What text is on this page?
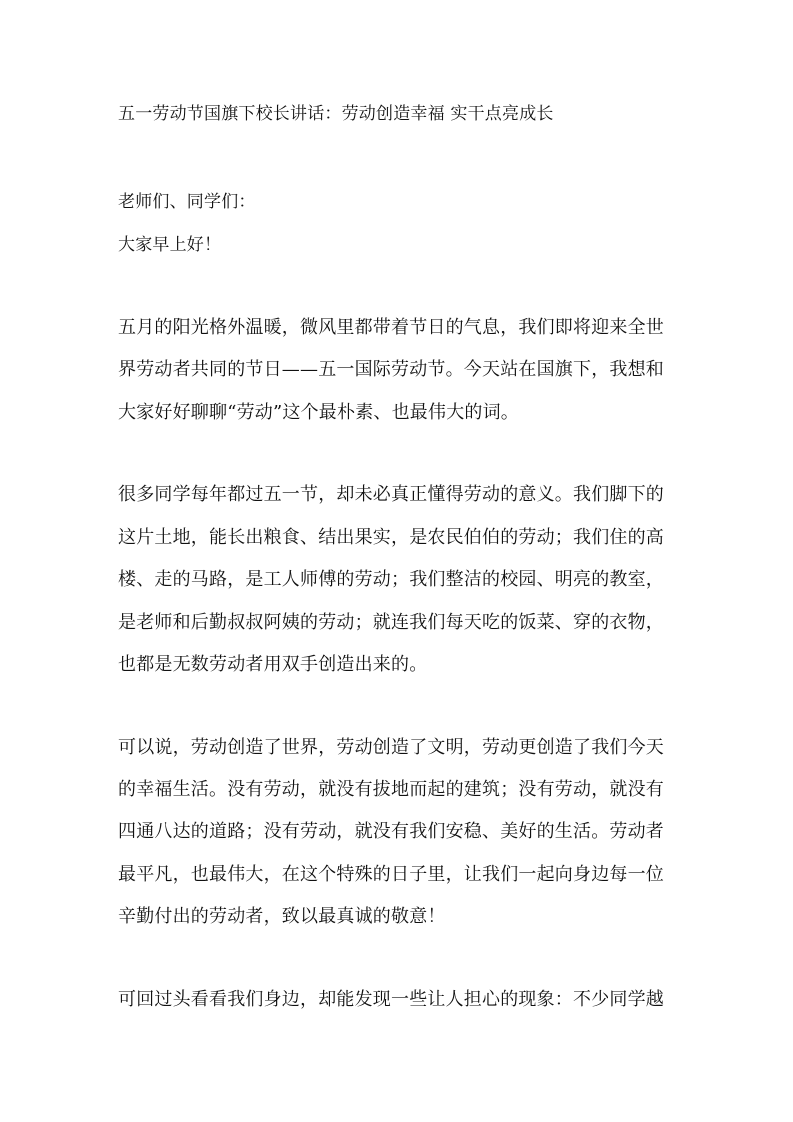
五一劳动节国旗下校长讲话：劳动创造幸福 实干点亮成长
老师们、同学们：
大家早上好！
五月的阳光格外温暖，微风里都带着节日的气息，我们即将迎来全世
界劳动者共同的节日——五一国际劳动节。今天站在国旗下，我想和
大家好好聊聊“劳动”这个最朴素、也最伟大的词。
很多同学每年都过五一节，却未必真正懂得劳动的意义。我们脚下的
这片土地，能长出粮食、结出果实，是农民伯伯的劳动；我们住的高
楼、走的马路，是工人师傅的劳动；我们整洁的校园、明亮的教室，
是老师和后勤叔叔阿姨的劳动；就连我们每天吃的饭菜、穿的衣物，
也都是无数劳动者用双手创造出来的。
可以说，劳动创造了世界，劳动创造了文明，劳动更创造了我们今天
的幸福生活。没有劳动，就没有拔地而起的建筑；没有劳动，就没有
四通八达的道路；没有劳动，就没有我们安稳、美好的生活。劳动者
最平凡，也最伟大，在这个特殊的日子里，让我们一起向身边每一位
辛勤付出的劳动者，致以最真诚的敬意！
可回过头看看我们身边，却能发现一些让人担心的现象：不少同学越
